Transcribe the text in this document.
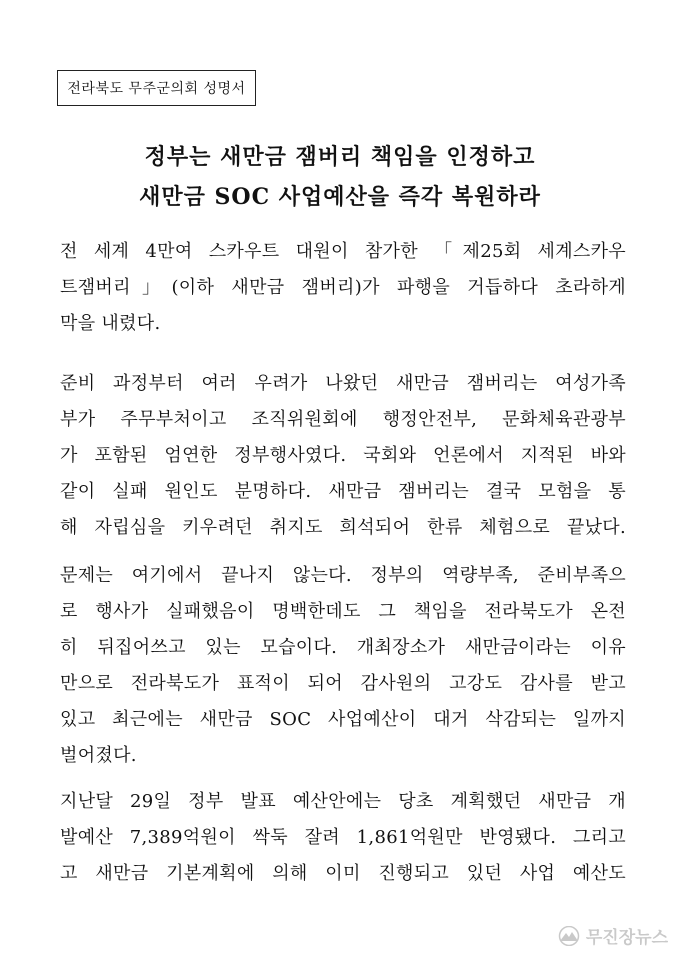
전라북도 무주군의회 성명서
정부는 새만금 잼버리 책임을 인정하고
새만금 SOC 사업예산을 즉각 복원하라
전 세계 4만여 스카우트 대원이 참가한 「제25회 세계스카우
트잼버리」(이하 새만금 잼버리)가 파행을 거듭하다 초라하게
막을 내렸다.
준비 과정부터 여러 우려가 나왔던 새만금 잼버리는 여성가족
부가 주무부처이고 조직위원회에 행정안전부, 문화체육관광부
가 포함된 엄연한 정부행사였다. 국회와 언론에서 지적된 바와
같이 실패 원인도 분명하다. 새만금 잼버리는 결국 모험을 통
해 자립심을 키우려던 취지도 희석되어 한류 체험으로 끝났다.
문제는 여기에서 끝나지 않는다. 정부의 역량부족, 준비부족으
로 행사가 실패했음이 명백한데도 그 책임을 전라북도가 온전
히 뒤집어쓰고 있는 모습이다. 개최장소가 새만금이라는 이유
만으로 전라북도가 표적이 되어 감사원의 고강도 감사를 받고
있고 최근에는 새만금 SOC 사업예산이 대거 삭감되는 일까지
벌어졌다.
지난달 29일 정부 발표 예산안에는 당초 계획했던 새만금 개
발예산 7,389억원이 싹둑 잘려 1,861억원만 반영됐다. 그리고
고 새만금 기본계획에 의해 이미 진행되고 있던 사업 예산도
무진장뉴스
